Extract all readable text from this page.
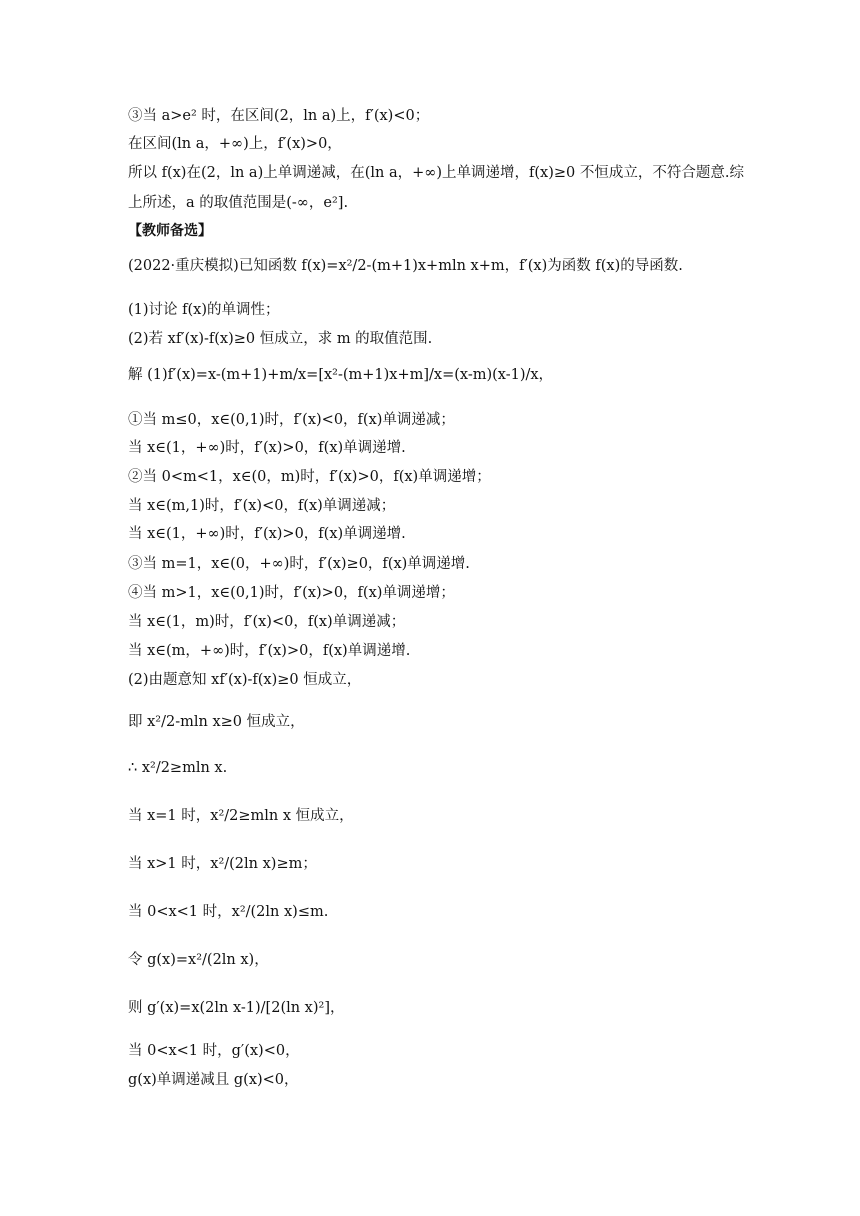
③当 a>e² 时，在区间(2，ln a)上，f′(x)<0；
在区间(ln a，+∞)上，f′(x)>0，
所以 f(x)在(2，ln a)上单调递减，在(ln a，+∞)上单调递增，f(x)≥0 不恒成立，不符合题意.综
上所述，a 的取值范围是(-∞，e²].
【教师备选】
(2022·重庆模拟)已知函数 f(x)=x²/2-(m+1)x+mln x+m，f′(x)为函数 f(x)的导函数.
(1)讨论 f(x)的单调性；
(2)若 xf′(x)-f(x)≥0 恒成立，求 m 的取值范围.
解 (1)f′(x)=x-(m+1)+m/x=[x²-(m+1)x+m]/x=(x-m)(x-1)/x，
①当 m≤0，x∈(0,1)时，f′(x)<0，f(x)单调递减；
当 x∈(1，+∞)时，f′(x)>0，f(x)单调递增.
②当 0<m<1，x∈(0，m)时，f′(x)>0，f(x)单调递增；
当 x∈(m,1)时，f′(x)<0，f(x)单调递减；
当 x∈(1，+∞)时，f′(x)>0，f(x)单调递增.
③当 m=1，x∈(0，+∞)时，f′(x)≥0，f(x)单调递增.
④当 m>1，x∈(0,1)时，f′(x)>0，f(x)单调递增；
当 x∈(1，m)时，f′(x)<0，f(x)单调递减；
当 x∈(m，+∞)时，f′(x)>0，f(x)单调递增.
(2)由题意知 xf′(x)-f(x)≥0 恒成立，
即 x²/2-mln x≥0 恒成立，
∴ x²/2≥mln x.
当 x=1 时，x²/2≥mln x 恒成立，
当 x>1 时，x²/(2ln x)≥m；
当 0<x<1 时，x²/(2ln x)≤m.
令 g(x)=x²/(2ln x)，
则 g′(x)=x(2ln x-1)/[2(ln x)²]，
当 0<x<1 时，g′(x)<0，
g(x)单调递减且 g(x)<0，
